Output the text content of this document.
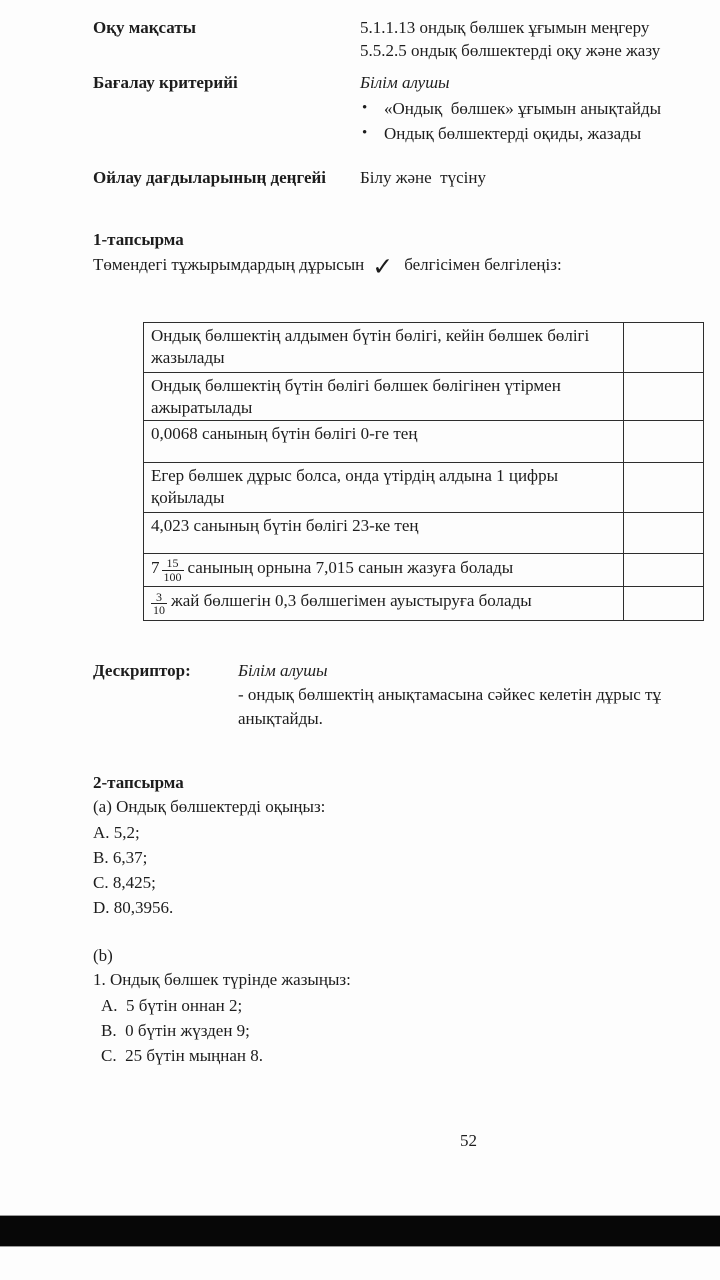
Оқу мақсаты	5.1.1.13 ондық бөлшек ұғымын меңгеру
5.5.2.5 ондық бөлшектерді оқу және жазу
Бағалау критерийі	Білім алушы
• «Ондық  бөлшек» ұғымын анықтайды
• Ондық бөлшектерді оқиды, жазады
Ойлау дағдыларының деңгейі Білу және  түсіну
1-тапсырма
Төмендегі тұжырымдардың дұрысын ✓ белгісімен белгілеңіз:
Ондық бөлшектің алдымен бүтін бөлігі, кейін бөлшек бөлігі жазылады	
Ондық бөлшектің бүтін бөлігі бөлшек бөлігінен үтірмен ажыратылады	
0,0068 санының бүтін бөлігі 0-ге тең	
Егер бөлшек дұрыс болса, онда үтірдің алдына 1 цифры қойылады	
4,023 санының бүтін бөлігі 23-ке тең	
$7 \frac{15}{100}$ санының орнына 7,015 санын жазуға болады	

$\frac{3}{10}$ жай бөлшегін 0,3 бөлшегімен ауыстыруға болады	
Дескриптор:	Білім алушы
- ондық бөлшектің анықтамасына сәйкес келетін дұрыс тұ
анықтайды.
2-тапсырма
(a) Ондық бөлшектерді оқыңыз:
A. 5,2;
B. 6,37;
C. 8,425;
D. 80,3956.
(b)
1. Ондық бөлшек түрінде жазыңыз:
A.  5 бүтін оннан 2;
B.  0 бүтін жүзден 9;
C.  25 бүтін мыңнан 8.
52
